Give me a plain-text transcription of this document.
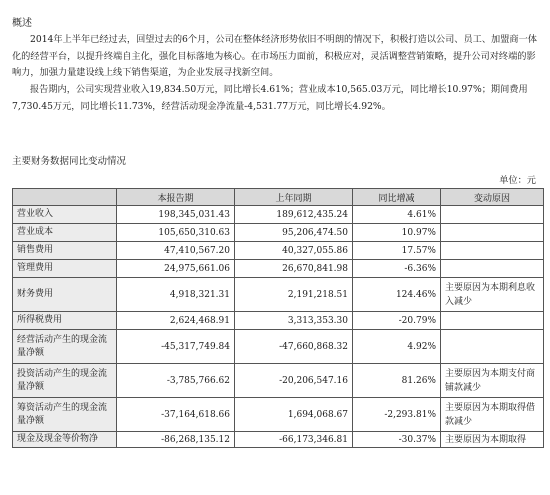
概述
2014年上半年已经过去，回望过去的6个月，公司在整体经济形势依旧不明朗的情况下，积极打造以公司、员工、加盟商一体化的经营平台，以提升终端自主化，强化目标落地为核心。在市场压力面前，积极应对，灵活调整营销策略，提升公司对终端的影响力，加强力量建设线上线下销售渠道，为企业发展寻找新空间。
报告期内，公司实现营业收入19,834.50万元，同比增长4.61%；营业成本10,565.03万元，同比增长10.97%；期间费用7,730.45万元，同比增长11.73%，经营活动现金净流量-4,531.77万元，同比增长4.92%。
主要财务数据同比变动情况
单位：元
	本报告期	上年同期	同比增减	变动原因
营业收入	198,345,031.43	189,612,435.24	4.61%	
营业成本	105,650,310.63	95,206,474.50	10.97%	
销售费用	47,410,567.20	40,327,055.86	17.57%	
管理费用	24,975,661.06	26,670,841.98	-6.36%	
财务费用	4,918,321.31	2,191,218.51	124.46%	主要原因为本期利息收入减少
所得税费用	2,624,468.91	3,313,353.30	-20.79%	
经营活动产生的现金流量净额	-45,317,749.84	-47,660,868.32	4.92%	
投资活动产生的现金流量净额	-3,785,766.62	-20,206,547.16	81.26%	主要原因为本期支付商铺款减少
筹资活动产生的现金流量净额	-37,164,618.66	1,694,068.67	-2,293.81%	主要原因为本期取得借款减少
现金及现金等价物净	-86,268,135.12	-66,173,346.81	-30.37%	主要原因为本期取得
